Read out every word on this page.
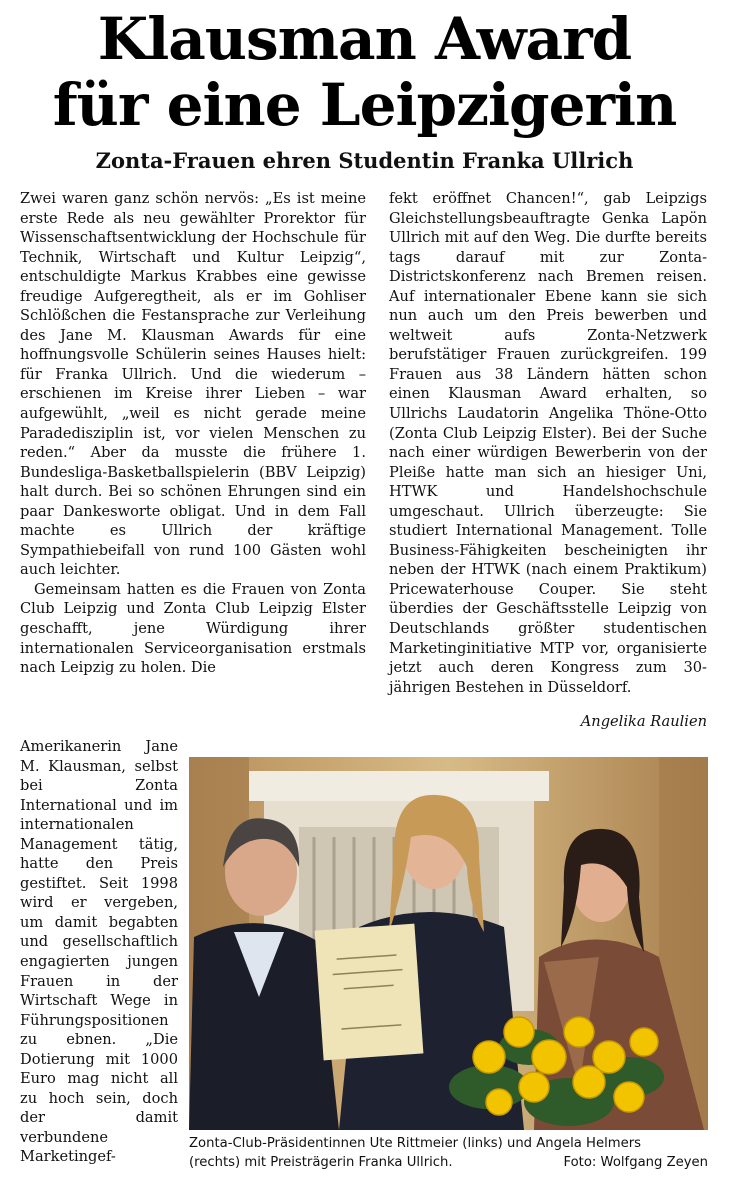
Klausman Award
für eine Leipzigerin
Zonta-Frauen ehren Studentin Franka Ullrich

Zwei waren ganz schön nervös: „Es ist meine erste Rede als neu gewählter Prorektor für Wissenschaftsentwicklung der Hochschule für Technik, Wirtschaft und Kultur Leipzig“, entschuldigte Markus Krabbes eine gewisse freudige Aufgeregtheit, als er im Gohliser Schlößchen die Festansprache zur Verleihung des Jane M. Klausman Awards für eine hoffnungsvolle Schülerin seines Hauses hielt: für Franka Ullrich. Und die wiederum – erschienen im Kreise ihrer Lieben – war aufgewühlt, „weil es nicht gerade meine Paradedisziplin ist, vor vielen Menschen zu reden.“ Aber da musste die frühere 1. Bundesliga-Basketballspielerin (BBV Leipzig) halt durch. Bei so schönen Ehrungen sind ein paar Dankesworte obligat. Und in dem Fall machte es Ullrich der kräftige Sympathiebeifall von rund 100 Gästen wohl auch leichter.

Gemeinsam hatten es die Frauen von Zonta Club Leipzig und Zonta Club Leipzig Elster geschafft, jene Würdigung ihrer internationalen Serviceorganisation erstmals nach Leipzig zu holen. Die

Amerikanerin Jane M. Klausman, selbst bei Zonta International und im internationalen Management tätig, hatte den Preis gestiftet. Seit 1998 wird er vergeben, um damit begabten und gesellschaftlich engagierten jungen Frauen in der Wirtschaft Wege in Führungspositionen zu ebnen. „Die Dotierung mit 1000 Euro mag nicht all zu hoch sein, doch der damit verbundene Marketingef-

fekt eröffnet Chancen!“, gab Leipzigs Gleichstellungsbeauftragte Genka Lapön Ullrich mit auf den Weg. Die durfte bereits tags darauf mit zur Zonta-Districtskonferenz nach Bremen reisen. Auf internationaler Ebene kann sie sich nun auch um den Preis bewerben und weltweit aufs Zonta-Netzwerk berufstätiger Frauen zurückgreifen. 199 Frauen aus 38 Ländern hätten schon einen Klausman Award erhalten, so Ullrichs Laudatorin Angelika Thöne-Otto (Zonta Club Leipzig Elster). Bei der Suche nach einer würdigen Bewerberin von der Pleiße hatte man sich an hiesiger Uni, HTWK und Handelshochschule umgeschaut. Ullrich überzeugte: Sie studiert International Management. Tolle Business-Fähigkeiten bescheinigten ihr neben der HTWK (nach einem Praktikum) Pricewaterhouse Couper. Sie steht überdies der Geschäftsstelle Leipzig von Deutschlands größter studentischen Marketinginitiative MTP vor, organisierte jetzt auch deren Kongress zum 30-jährigen Bestehen in Düsseldorf.

Angelika Raulien
Zonta-Club-Präsidentinnen Ute Rittmeier (links) und Angela Helmers
(rechts) mit Preisträgerin Franka Ullrich.	Foto: Wolfgang Zeyen
